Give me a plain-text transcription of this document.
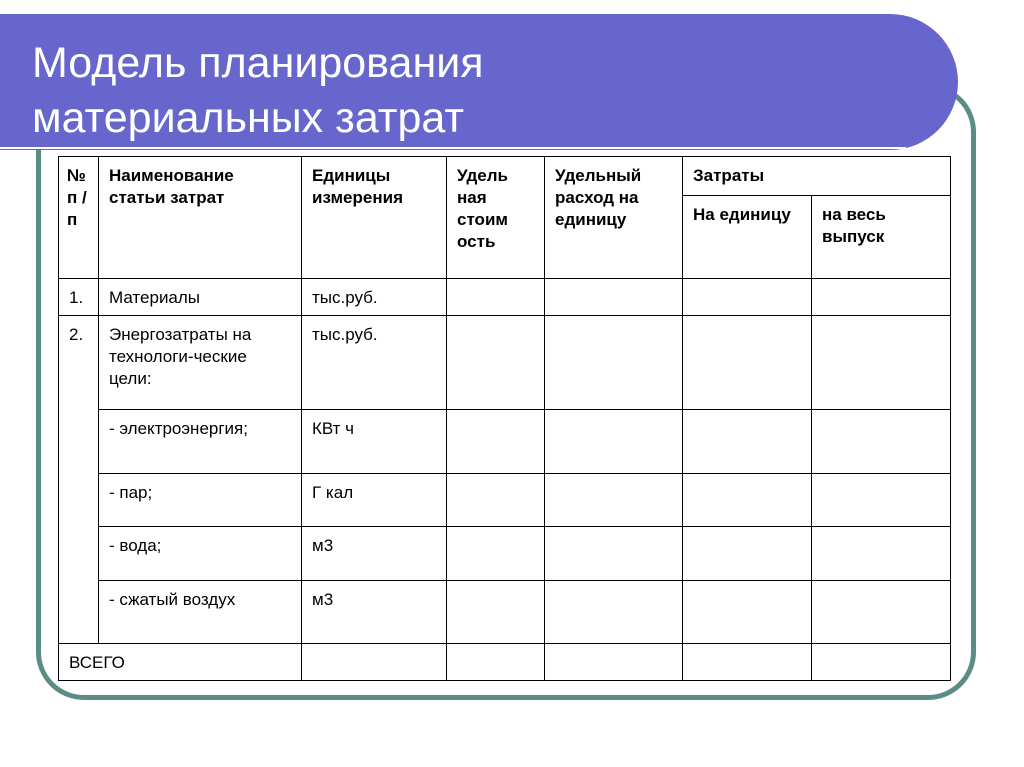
Модель планирования
материальных затрат
№ п / п	Наименование статьи затрат	Единицы измерения	Удель ная стоим ость	Удельный расход на единицу	Затраты	
					На единицу	на весь выпуск
1.	Материалы	тыс.руб.				
2.	Энергозатраты на технологи-ческие цели:	тыс.руб.				
	- электроэнергия;	КВт ч				
	- пар;	Г кал				
	- вода;	м3				
	- сжатый воздух	м3				
ВСЕГО						
